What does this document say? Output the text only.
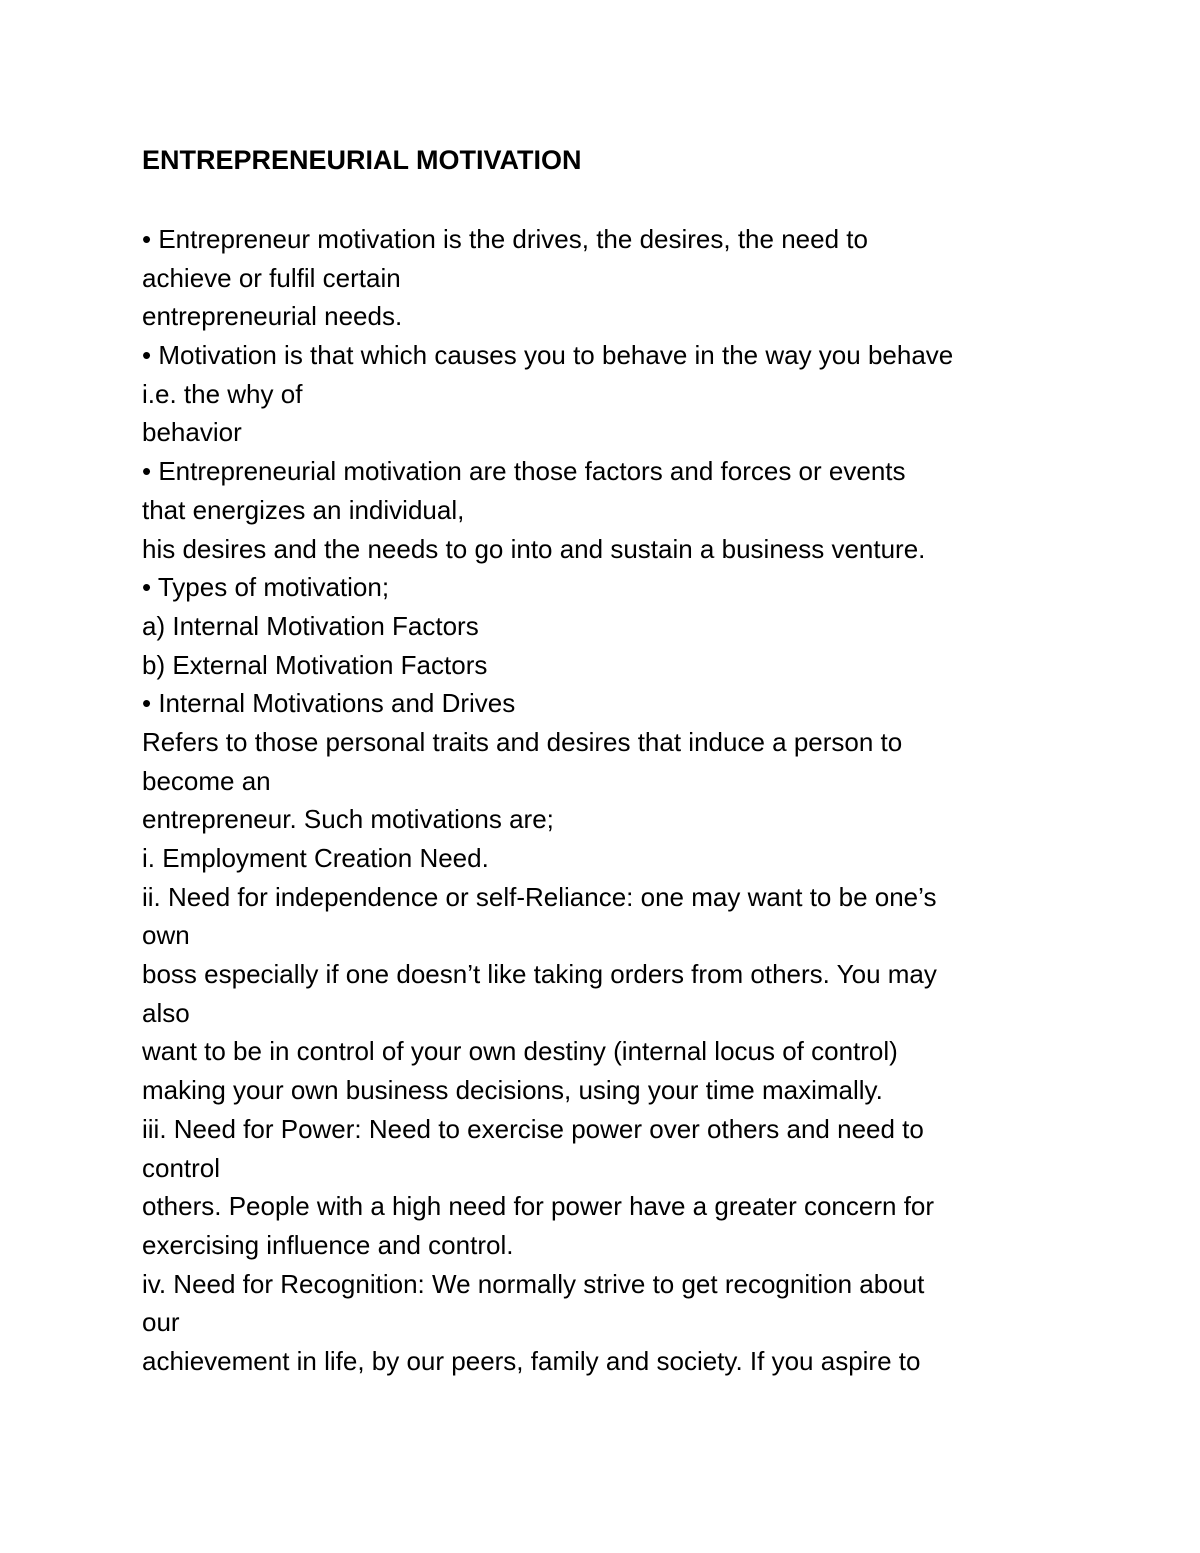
ENTREPRENEURIAL MOTIVATION
• Entrepreneur motivation is the drives, the desires, the need to
achieve or fulfil certain
entrepreneurial needs.
• Motivation is that which causes you to behave in the way you behave
i.e. the why of
behavior
• Entrepreneurial motivation are those factors and forces or events
that energizes an individual,
his desires and the needs to go into and sustain a business venture.
• Types of motivation;
a) Internal Motivation Factors
b) External Motivation Factors
• Internal Motivations and Drives
Refers to those personal traits and desires that induce a person to
become an
entrepreneur. Such motivations are;
i. Employment Creation Need.
ii. Need for independence or self-Reliance: one may want to be one’s
own
boss especially if one doesn’t like taking orders from others. You may
also
want to be in control of your own destiny (internal locus of control)
making your own business decisions, using your time maximally.
iii. Need for Power: Need to exercise power over others and need to
control
others. People with a high need for power have a greater concern for
exercising influence and control.
iv. Need for Recognition: We normally strive to get recognition about
our
achievement in life, by our peers, family and society. If you aspire to
